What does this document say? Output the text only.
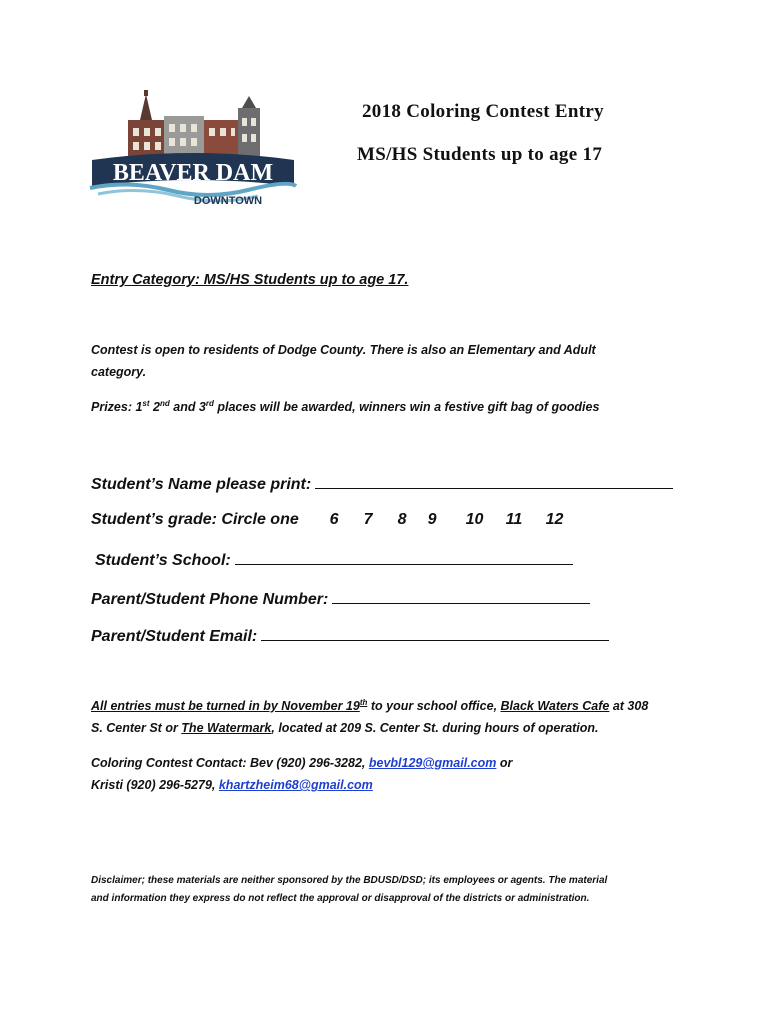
BEAVER DAM
DOWNTOWN
2018 Coloring Contest Entry
MS/HS Students up to age 17
Entry Category: MS/HS Students up to age 17.
Contest is open to residents of Dodge County. There is also an Elementary and Adult
category.
Prizes: 1st 2nd and 3rd places will be awarded, winners win a festive gift bag of goodies
Student’s Name please print:
Student’s grade: Circle one 6 7 8 9 10 11 12
Student’s School:
Parent/Student Phone Number:
Parent/Student Email:
All entries must be turned in by November 19th to your school office, Black Waters Cafe at 308
S. Center St or The Watermark, located at 209 S. Center St. during hours of operation.
Coloring Contest Contact: Bev (920) 296-3282, bevbl129@gmail.com or
Kristi (920) 296-5279, khartzheim68@gmail.com
Disclaimer; these materials are neither sponsored by the BDUSD/DSD; its employees or agents. The material
and information they express do not reflect the approval or disapproval of the districts or administration.
